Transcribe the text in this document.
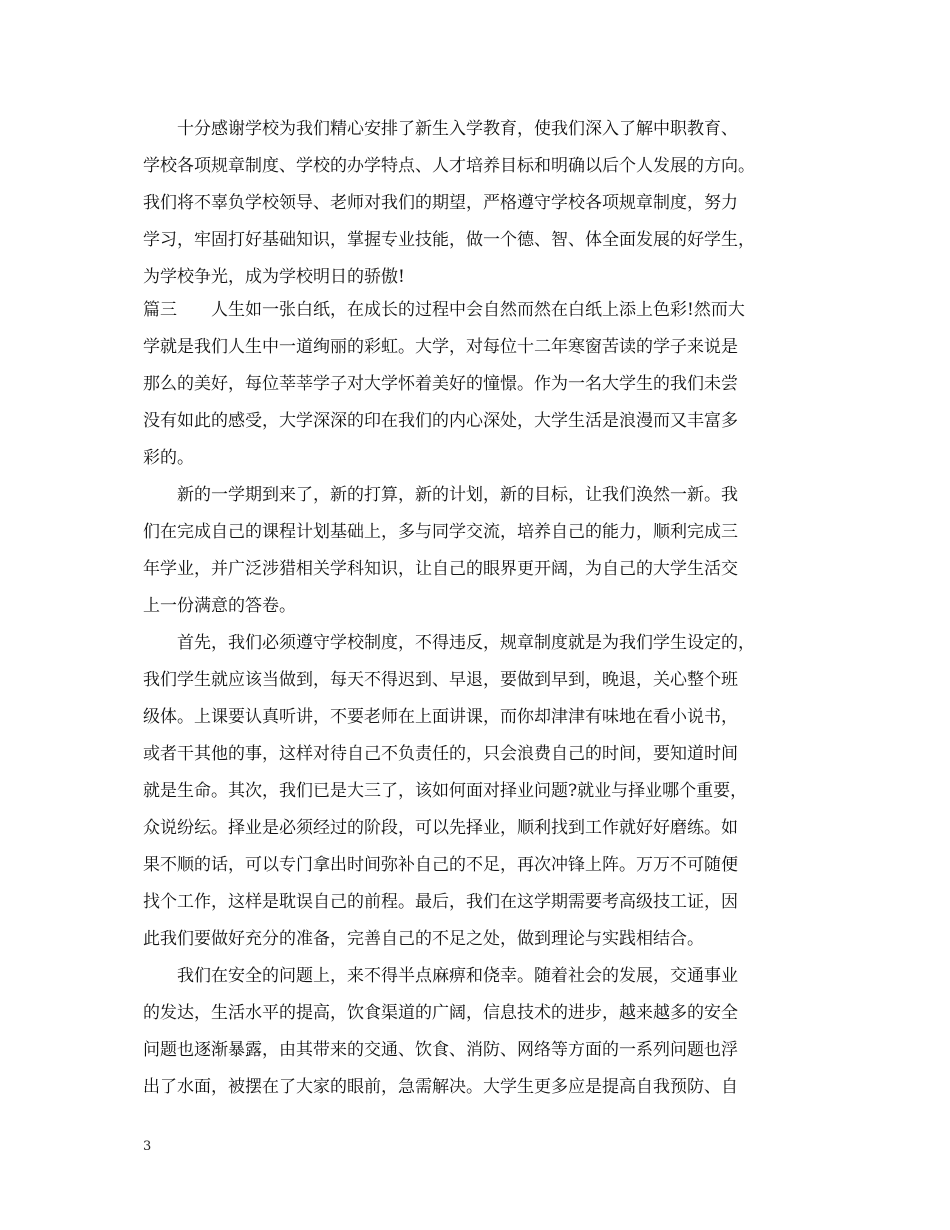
　　十分感谢学校为我们精心安排了新生入学教育，使我们深入了解中职教育、
学校各项规章制度、学校的办学特点、人才培养目标和明确以后个人发展的方向。
我们将不辜负学校领导、老师对我们的期望，严格遵守学校各项规章制度，努力
学习，牢固打好基础知识，掌握专业技能，做一个德、智、体全面发展的好学生，
为学校争光，成为学校明日的骄傲!
篇三　　人生如一张白纸，在成长的过程中会自然而然在白纸上添上色彩!然而大
学就是我们人生中一道绚丽的彩虹。大学，对每位十二年寒窗苦读的学子来说是
那么的美好，每位莘莘学子对大学怀着美好的憧憬。作为一名大学生的我们未尝
没有如此的感受，大学深深的印在我们的内心深处，大学生活是浪漫而又丰富多
彩的。
　　新的一学期到来了，新的打算，新的计划，新的目标，让我们涣然一新。我
们在完成自己的课程计划基础上，多与同学交流，培养自己的能力，顺利完成三
年学业，并广泛涉猎相关学科知识，让自己的眼界更开阔，为自己的大学生活交
上一份满意的答卷。
　　首先，我们必须遵守学校制度，不得违反，规章制度就是为我们学生设定的，
我们学生就应该当做到，每天不得迟到、早退，要做到早到，晚退，关心整个班
级体。上课要认真听讲，不要老师在上面讲课，而你却津津有味地在看小说书，
或者干其他的事，这样对待自己不负责任的，只会浪费自己的时间，要知道时间
就是生命。其次，我们已是大三了，该如何面对择业问题?就业与择业哪个重要，
众说纷纭。择业是必须经过的阶段，可以先择业，顺利找到工作就好好磨练。如
果不顺的话，可以专门拿出时间弥补自己的不足，再次冲锋上阵。万万不可随便
找个工作，这样是耽误自己的前程。最后，我们在这学期需要考高级技工证，因
此我们要做好充分的准备，完善自己的不足之处，做到理论与实践相结合。
　　我们在安全的问题上，来不得半点麻痹和侥幸。随着社会的发展，交通事业
的发达，生活水平的提高，饮食渠道的广阔，信息技术的进步，越来越多的安全
问题也逐渐暴露，由其带来的交通、饮食、消防、网络等方面的一系列问题也浮
出了水面，被摆在了大家的眼前，急需解决。大学生更多应是提高自我预防、自
3
